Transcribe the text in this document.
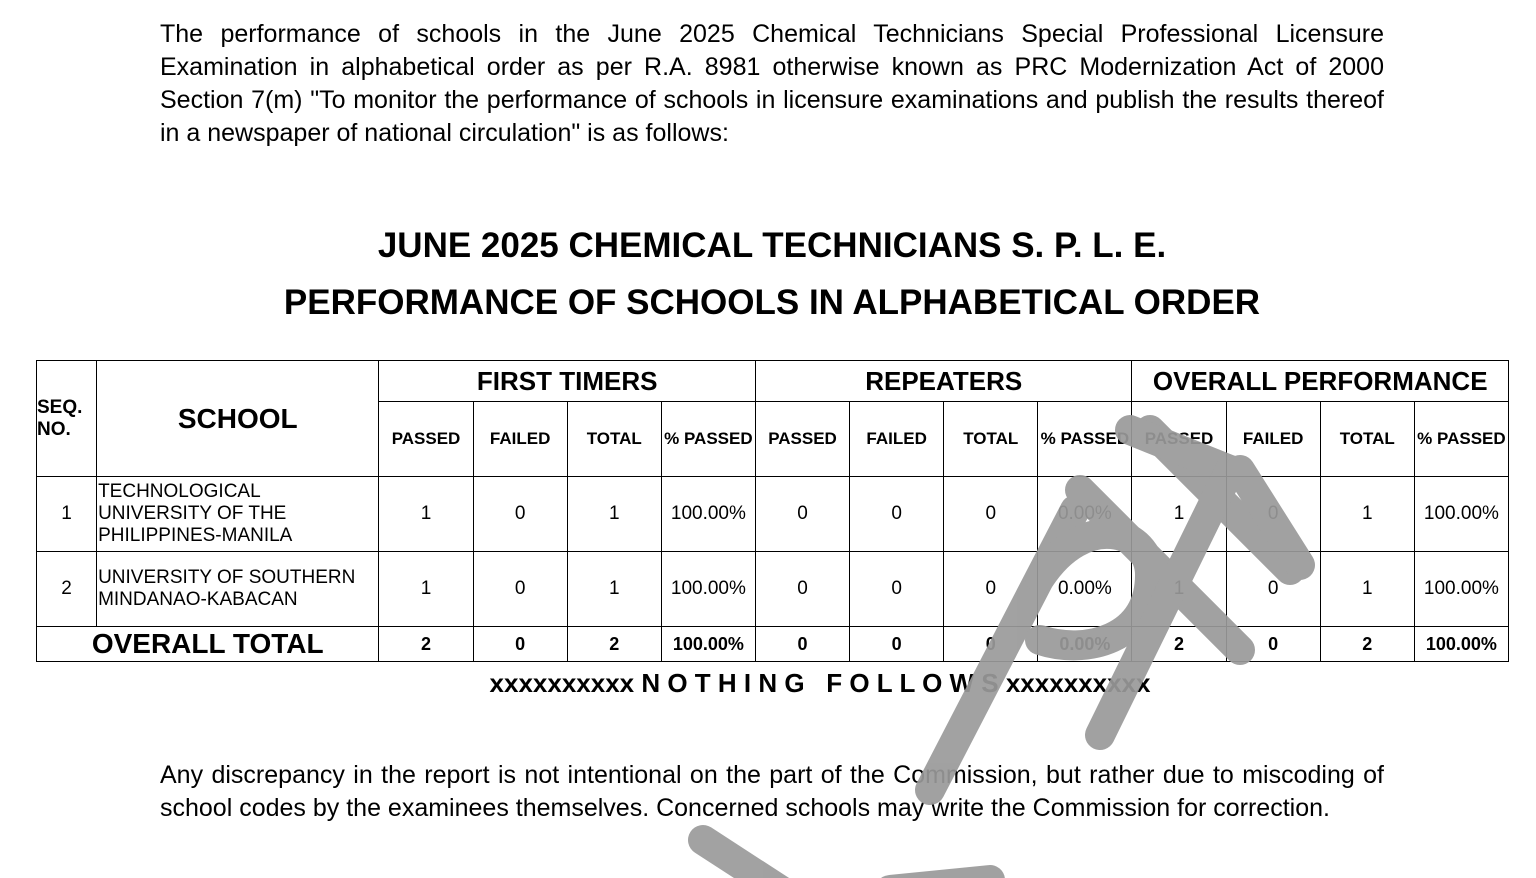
The performance of schools in the June 2025 Chemical Technicians Special Professional Licensure Examination in alphabetical order as per R.A. 8981 otherwise known as PRC Modernization Act of 2000 Section 7(m) "To monitor the performance of schools in licensure examinations and publish the results thereof in a newspaper of national circulation" is as follows:

JUNE 2025 CHEMICAL TECHNICIANS S. P. L. E.
PERFORMANCE OF SCHOOLS IN ALPHABETICAL ORDER
SEQ. NO.	SCHOOL	FIRST TIMERS				REPEATERS				OVERALL PERFORMANCE			
		PASSED	FAILED	TOTAL	% PASSED	PASSED	FAILED	TOTAL	% PASSED	PASSED	FAILED	TOTAL	% PASSED
1	TECHNOLOGICAL UNIVERSITY OF THE PHILIPPINES-MANILA	1	0	1	100.00%	0	0	0	0.00%	1	0	1	100.00%
2	UNIVERSITY OF SOUTHERN MINDANAO-KABACAN	1	0	1	100.00%	0	0	0	0.00%	1	0	1	100.00%
OVERALL TOTAL		2	0	2	100.00%	0	0	0	0.00%	2	0	2	100.00%

xxxxxxxxxx N O T H I N G   F O L L O W S xxxxxxxxxx

Any discrepancy in the report is not intentional on the part of the Commission, but rather due to miscoding of school codes by the examinees themselves. Concerned schools may write the Commission for correction.
